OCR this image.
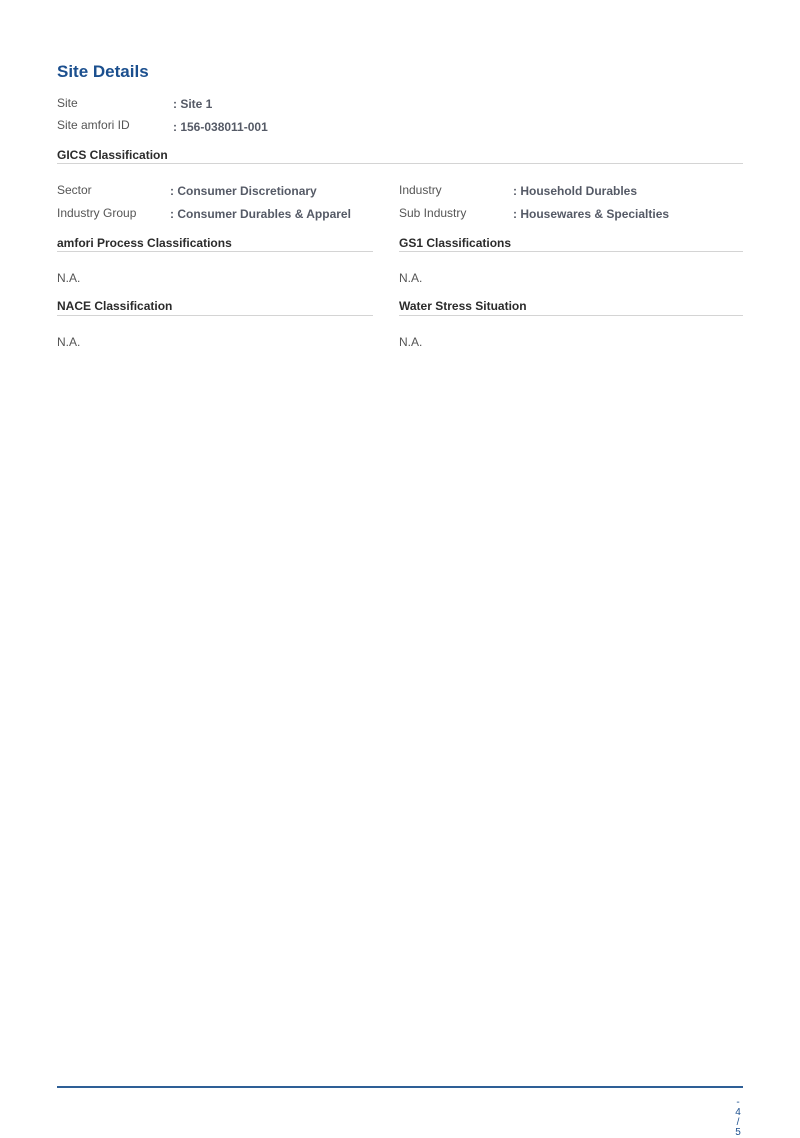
Site Details
Site	: Site 1
Site amfori ID	: 156-038011-001
GICS Classification
Sector	: Consumer Discretionary
Industry Group	: Consumer Durables & Apparel
Industry	: Household Durables
Sub Industry	: Housewares & Specialties
amfori Process Classifications
N.A.
GS1 Classifications
N.A.
NACE Classification
N.A.
Water Stress Situation
N.A.
-
4
/
5
